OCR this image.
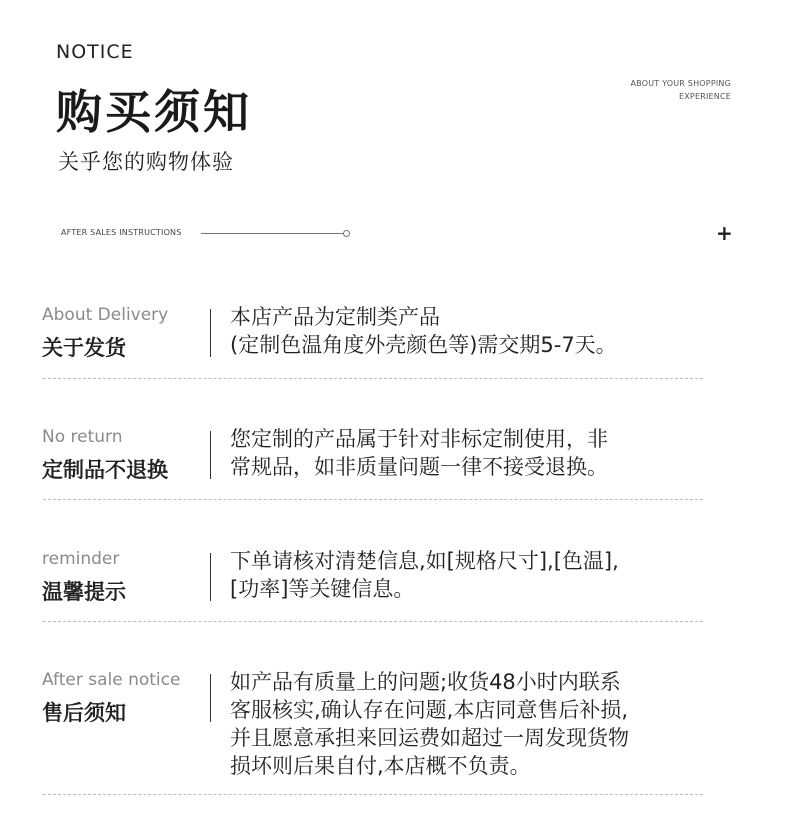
NOTICE
购买须知
关乎您的购物体验
ABOUT YOUR SHOPPING
EXPERIENCE
AFTER SALES INSTRUCTIONS	+
About Delivery
关于发货
本店产品为定制类产品
(定制色温角度外壳颜色等)需交期5-7天。
No return
定制品不退换
您定制的产品属于针对非标定制使用，非
常规品，如非质量问题一律不接受退换。
reminder
温馨提示
下单请核对清楚信息,如[规格尺寸],[色温],
[功率]等关键信息。
After sale notice
售后须知
如产品有质量上的问题;收货48小时内联系
客服核实,确认存在问题,本店同意售后补损,
并且愿意承担来回运费如超过一周发现货物
损坏则后果自付,本店概不负责。
